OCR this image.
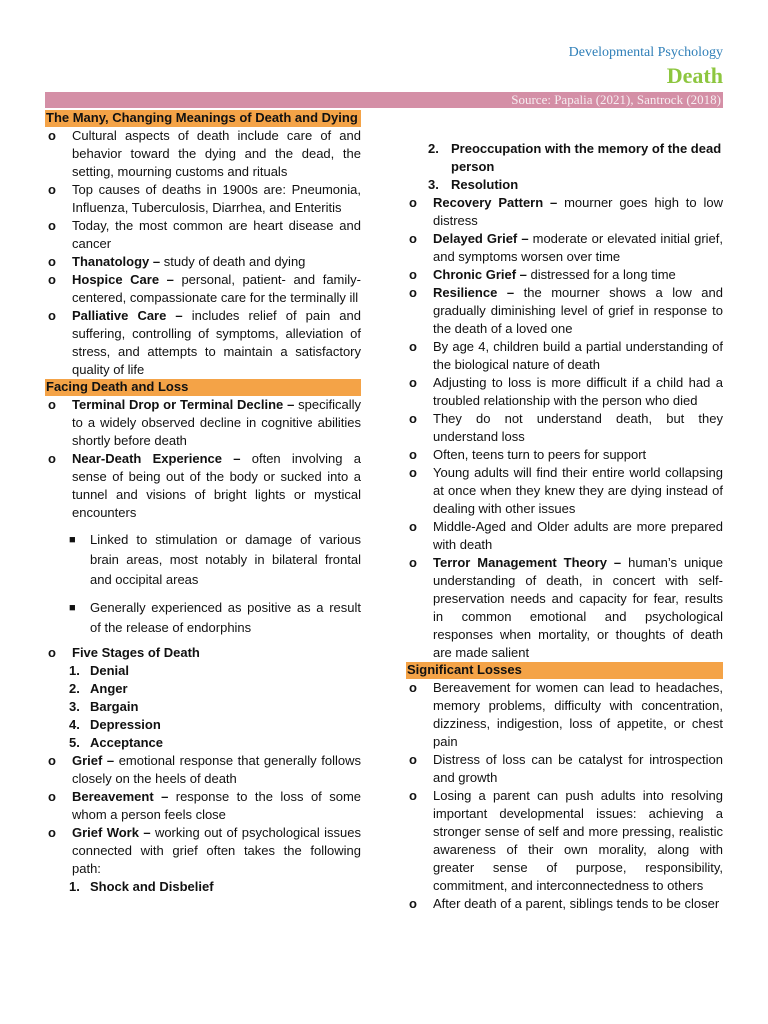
Developmental Psychology
Death
Source: Papalia (2021), Santrock (2018)
The Many, Changing Meanings of Death and Dying
o Cultural aspects of death include care of and behavior toward the dying and the dead, the setting, mourning customs and rituals
o Top causes of deaths in 1900s are: Pneumonia, Influenza, Tuberculosis, Diarrhea, and Enteritis
o Today, the most common are heart disease and cancer
o Thanatology – study of death and dying
o Hospice Care – personal, patient- and family-centered, compassionate care for the terminally ill
o Palliative Care – includes relief of pain and suffering, controlling of symptoms, alleviation of stress, and attempts to maintain a satisfactory quality of life
Facing Death and Loss
o Terminal Drop or Terminal Decline – specifically to a widely observed decline in cognitive abilities shortly before death
o Near-Death Experience – often involving a sense of being out of the body or sucked into a tunnel and visions of bright lights or mystical encounters
■ Linked to stimulation or damage of various brain areas, most notably in bilateral frontal and occipital areas
■ Generally experienced as positive as a result of the release of endorphins
o Five Stages of Death
1. Denial
2. Anger
3. Bargain
4. Depression
5. Acceptance
o Grief – emotional response that generally follows closely on the heels of death
o Bereavement – response to the loss of some whom a person feels close
o Grief Work – working out of psychological issues connected with grief often takes the following path:
1. Shock and Disbelief
2. Preoccupation with the memory of the dead person
3. Resolution
o Recovery Pattern – mourner goes high to low distress
o Delayed Grief – moderate or elevated initial grief, and symptoms worsen over time
o Chronic Grief – distressed for a long time
o Resilience – the mourner shows a low and gradually diminishing level of grief in response to the death of a loved one
o By age 4, children build a partial understanding of the biological nature of death
o Adjusting to loss is more difficult if a child had a troubled relationship with the person who died
o They do not understand death, but they understand loss
o Often, teens turn to peers for support
o Young adults will find their entire world collapsing at once when they knew they are dying instead of dealing with other issues
o Middle-Aged and Older adults are more prepared with death
o Terror Management Theory – human’s unique understanding of death, in concert with self-preservation needs and capacity for fear, results in common emotional and psychological responses when mortality, or thoughts of death are made salient
Significant Losses
o Bereavement for women can lead to headaches, memory problems, difficulty with concentration, dizziness, indigestion, loss of appetite, or chest pain
o Distress of loss can be catalyst for introspection and growth
o Losing a parent can push adults into resolving important developmental issues: achieving a stronger sense of self and more pressing, realistic awareness of their own morality, along with greater sense of purpose, responsibility, commitment, and interconnectedness to others
o After death of a parent, siblings tends to be closer
